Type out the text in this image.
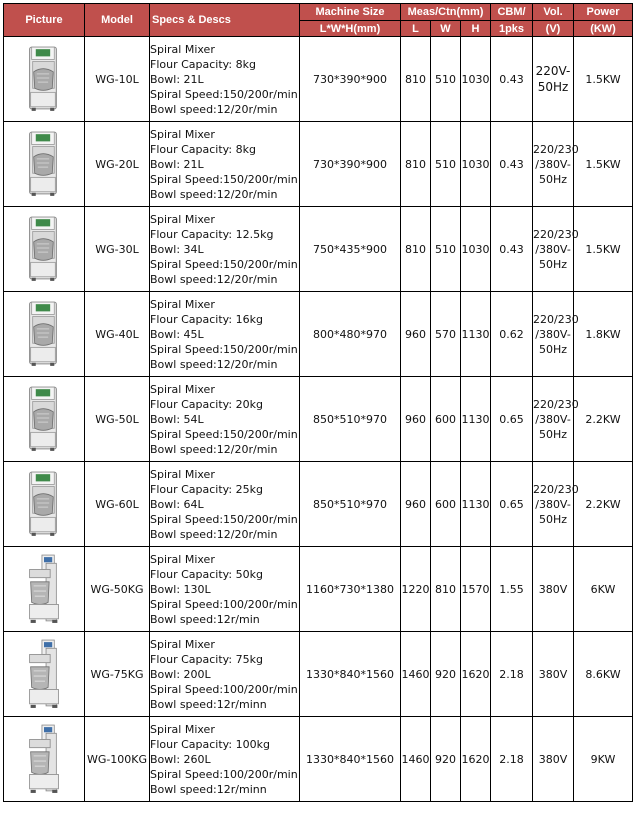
Picture	Model	Specs & Descs	Machine Size	Meas/Ctn(mm)			CBM/	Vol.	Power
			L*W*H(mm)	L	W	H	1pks	(V)	(KW)

	WG-10L	Spiral Mixer
Flour Capacity: 8kg
Bowl: 21L
Spiral Speed:150/200r/min
Bowl speed:12/20r/min	730*390*900	810	510	1030	0.43	220V-
50Hz	1.5KW

	WG-20L	Spiral Mixer
Flour Capacity: 8kg
Bowl: 21L
Spiral Speed:150/200r/min
Bowl speed:12/20r/min	730*390*900	810	510	1030	0.43	220/230
/380V-
50Hz	1.5KW

	WG-30L	Spiral Mixer
Flour Capacity: 12.5kg
Bowl: 34L
Spiral Speed:150/200r/min
Bowl speed:12/20r/min	750*435*900	810	510	1030	0.43	220/230
/380V-
50Hz	1.5KW

	WG-40L	Spiral Mixer
Flour Capacity: 16kg
Bowl: 45L
Spiral Speed:150/200r/min
Bowl speed:12/20r/min	800*480*970	960	570	1130	0.62	220/230
/380V-
50Hz	1.8KW

	WG-50L	Spiral Mixer
Flour Capacity: 20kg
Bowl: 54L
Spiral Speed:150/200r/min
Bowl speed:12/20r/min	850*510*970	960	600	1130	0.65	220/230
/380V-
50Hz	2.2KW

	WG-60L	Spiral Mixer
Flour Capacity: 25kg
Bowl: 64L
Spiral Speed:150/200r/min
Bowl speed:12/20r/min	850*510*970	960	600	1130	0.65	220/230
/380V-
50Hz	2.2KW

	WG-50KG	Spiral Mixer
Flour Capacity: 50kg
Bowl: 130L
Spiral Speed:100/200r/min
Bowl speed:12r/min	1160*730*1380	1220	810	1570	1.55	380V	6KW

	WG-75KG	Spiral Mixer
Flour Capacity: 75kg
Bowl: 200L
Spiral Speed:100/200r/min
Bowl speed:12r/minn	1330*840*1560	1460	920	1620	2.18	380V	8.6KW

	WG-100KG	Spiral Mixer
Flour Capacity: 100kg
Bowl: 260L
Spiral Speed:100/200r/min
Bowl speed:12r/minn	1330*840*1560	1460	920	1620	2.18	380V	9KW
